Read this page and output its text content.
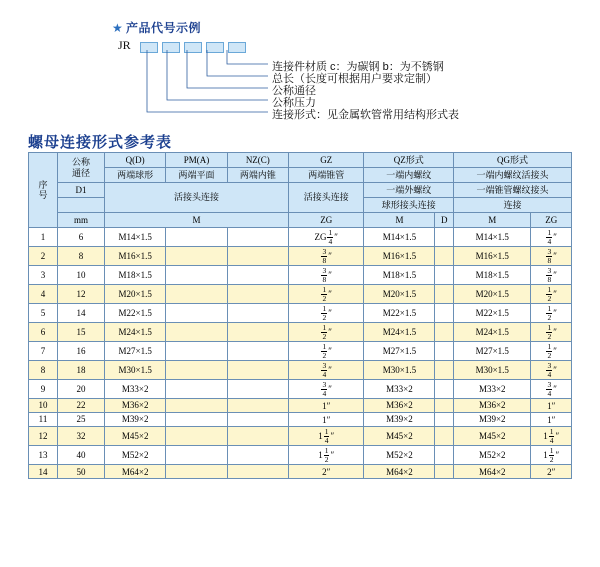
★ 产品代号示例
JR
连接件材质 c：为碳钢 b：为不锈钢
总长（长度可根据用户要求定制）
公称通径
公称压力
连接形式：见金属软管常用结构形式表
螺母连接形式参考表
序
号	公称
通径	Q(D)	PM(A)	NZ(C)	GZ	QZ形式		QG形式	
		两端球形	两端平面	两端内锥	两端锥管	一端内螺纹		一端内螺纹活接头	
	D1	活接头连接			活接头连接	一端外螺纹		一端锥管螺纹接头	
						球形接头连接		连接	
	mm	M			ZG	M	D	M	ZG
1	6	M14×1.5			ZG $\frac{1}{4}$ ″	M14×1.5		M14×1.5	$\frac{1}{4}$ ″
2	8	M16×1.5			$\frac{3}{8}$ ″	M16×1.5		M16×1.5	$\frac{3}{8}$ ″
3	10	M18×1.5			$\frac{3}{8}$ ″	M18×1.5		M18×1.5	$\frac{3}{8}$ ″
4	12	M20×1.5			$\frac{1}{2}$ ″	M20×1.5		M20×1.5	$\frac{1}{2}$ ″
5	14	M22×1.5			$\frac{1}{2}$ ″	M22×1.5		M22×1.5	$\frac{1}{2}$ ″
6	15	M24×1.5			$\frac{1}{2}$ ″	M24×1.5		M24×1.5	$\frac{1}{2}$ ″
7	16	M27×1.5			$\frac{1}{2}$ ″	M27×1.5		M27×1.5	$\frac{1}{2}$ ″
8	18	M30×1.5			$\frac{3}{4}$ ″	M30×1.5		M30×1.5	$\frac{3}{4}$ ″
9	20	M33×2			$\frac{3}{4}$ ″	M33×2		M33×2	$\frac{3}{4}$ ″
10	22	M36×2			1″	M36×2		M36×2	1″
11	25	M39×2			1″	M39×2		M39×2	1″
12	32	M45×2			$1 \frac{1}{4}$ ″	M45×2		M45×2	$1 \frac{1}{4}$ ″
13	40	M52×2			$1 \frac{1}{2}$ ″	M52×2		M52×2	$1 \frac{1}{2}$ ″
14	50	M64×2			2″	M64×2		M64×2	2″
